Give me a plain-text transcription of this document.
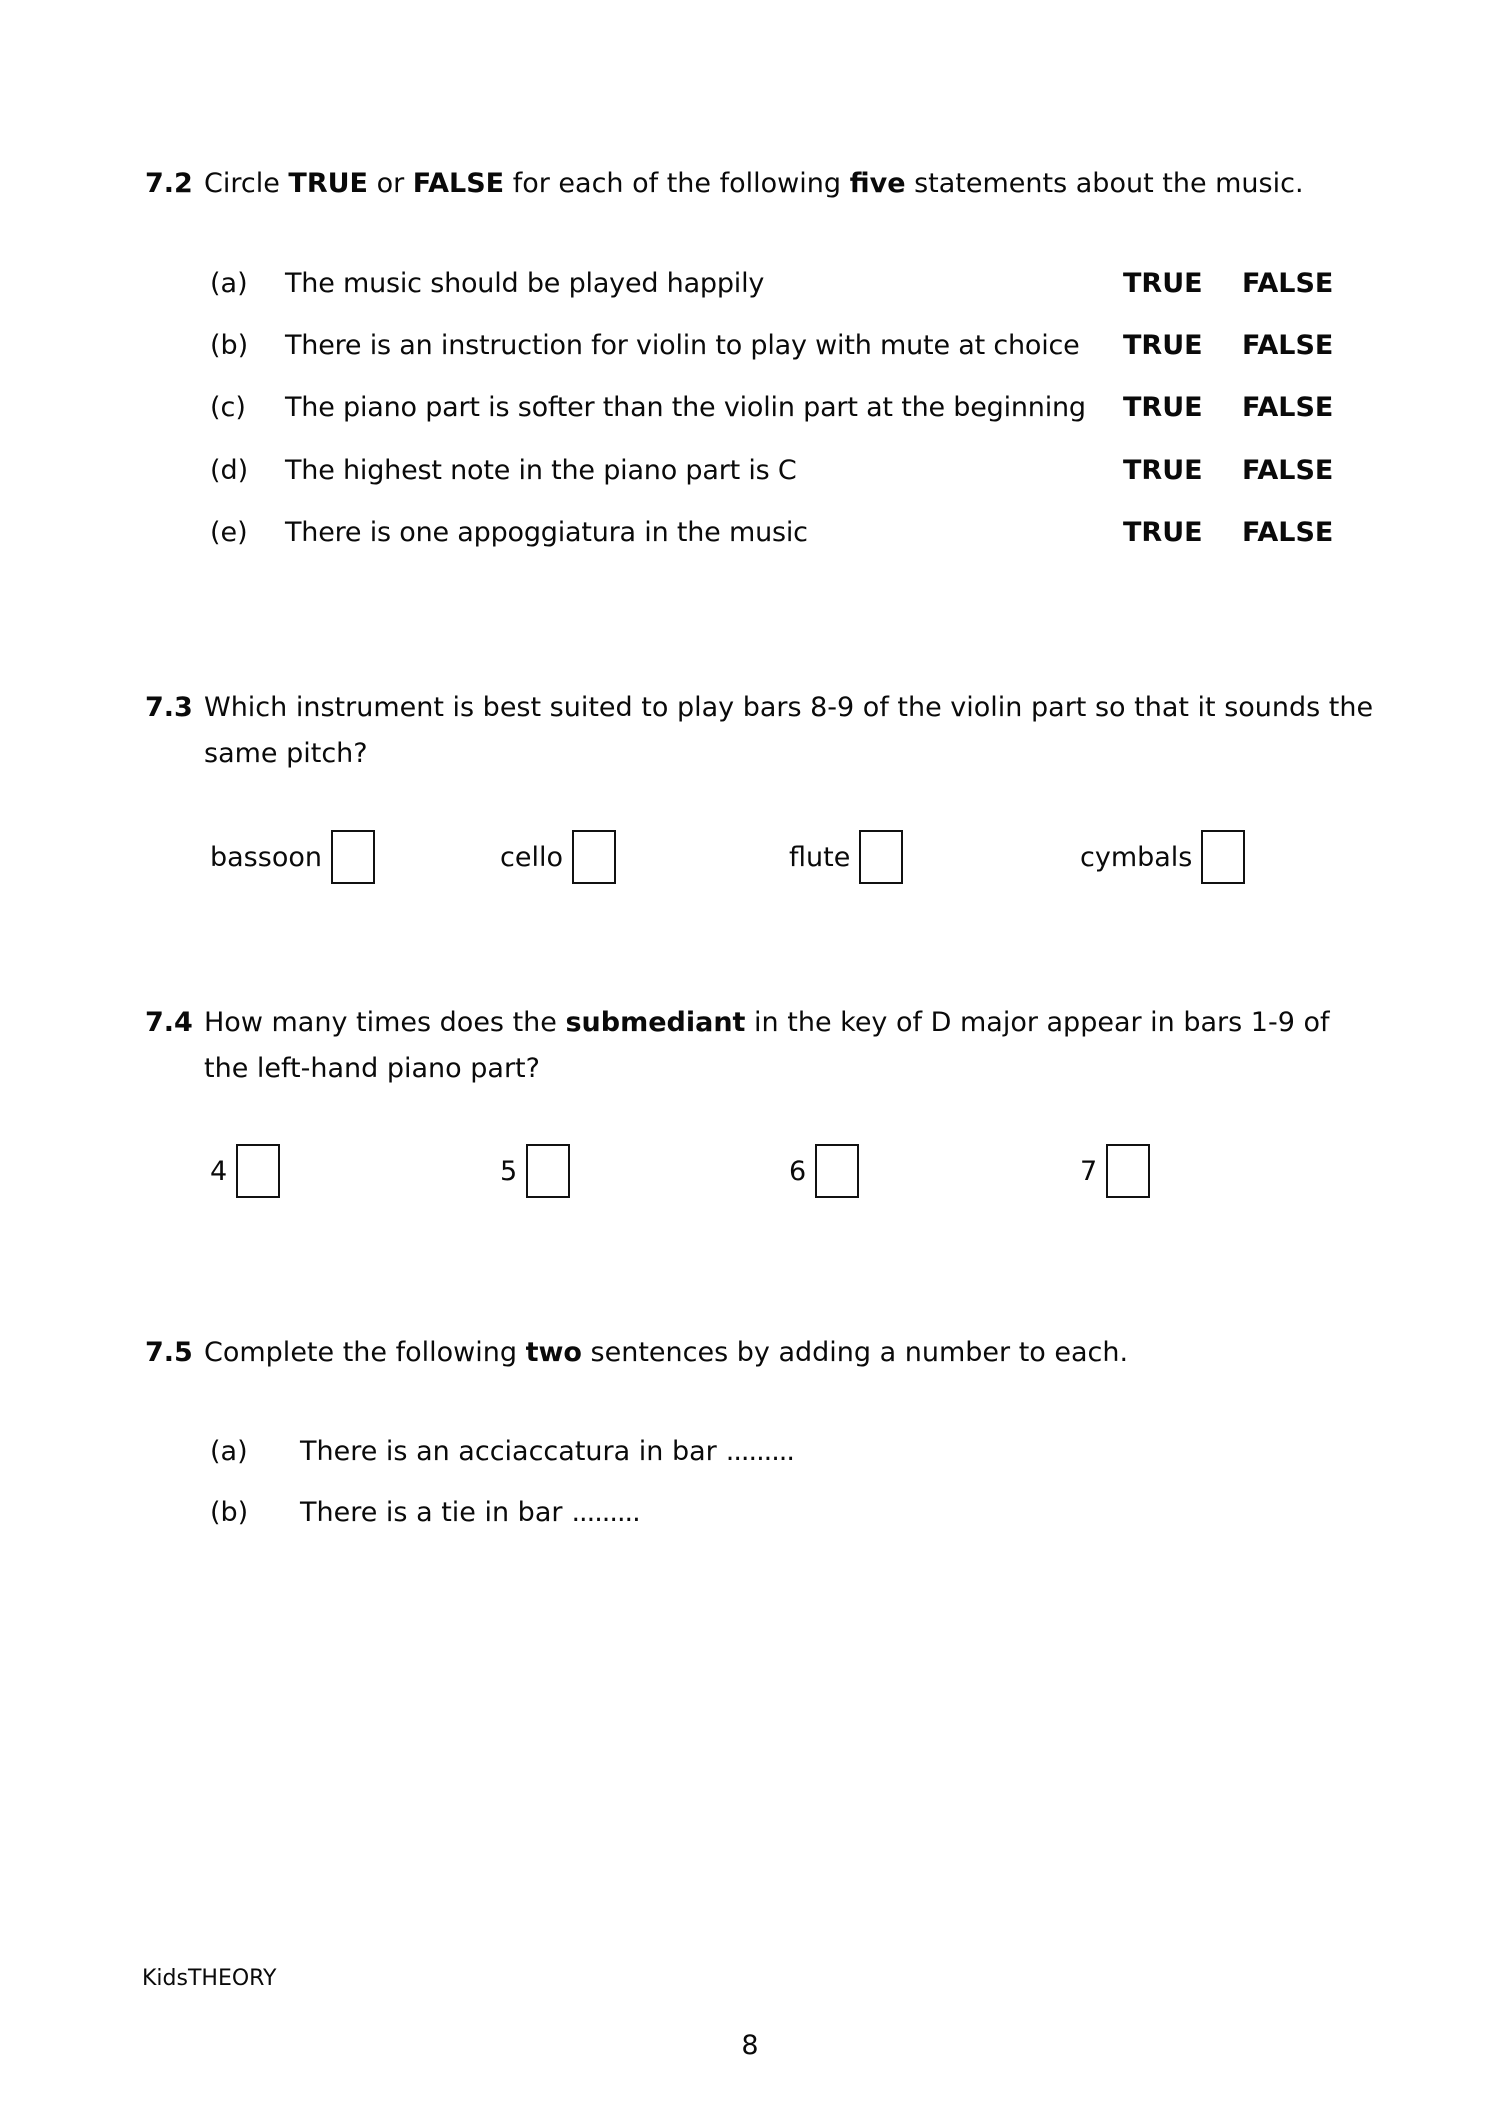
7.2 Circle TRUE or FALSE for each of the following five statements about the music.
(a) The music should be played happily	TRUE FALSE
(b) There is an instruction for violin to play with mute at choice TRUE FALSE
(c) The piano part is softer than the violin part at the beginning TRUE FALSE
(d) The highest note in the piano part is C	TRUE FALSE
(e) There is one appoggiatura in the music	TRUE FALSE
7.3 Which instrument is best suited to play bars 8-9 of the violin part so that it sounds the same pitch?
bassoon	cello	flute	cymbals
7.4 How many times does the submediant in the key of D major appear in bars 1-9 of the left-hand piano part?
4	5	6	7
7.5 Complete the following two sentences by adding a number to each.
(a) There is an acciaccatura in bar .........
(b) There is a tie in bar .........
KidsTHEORY
8
